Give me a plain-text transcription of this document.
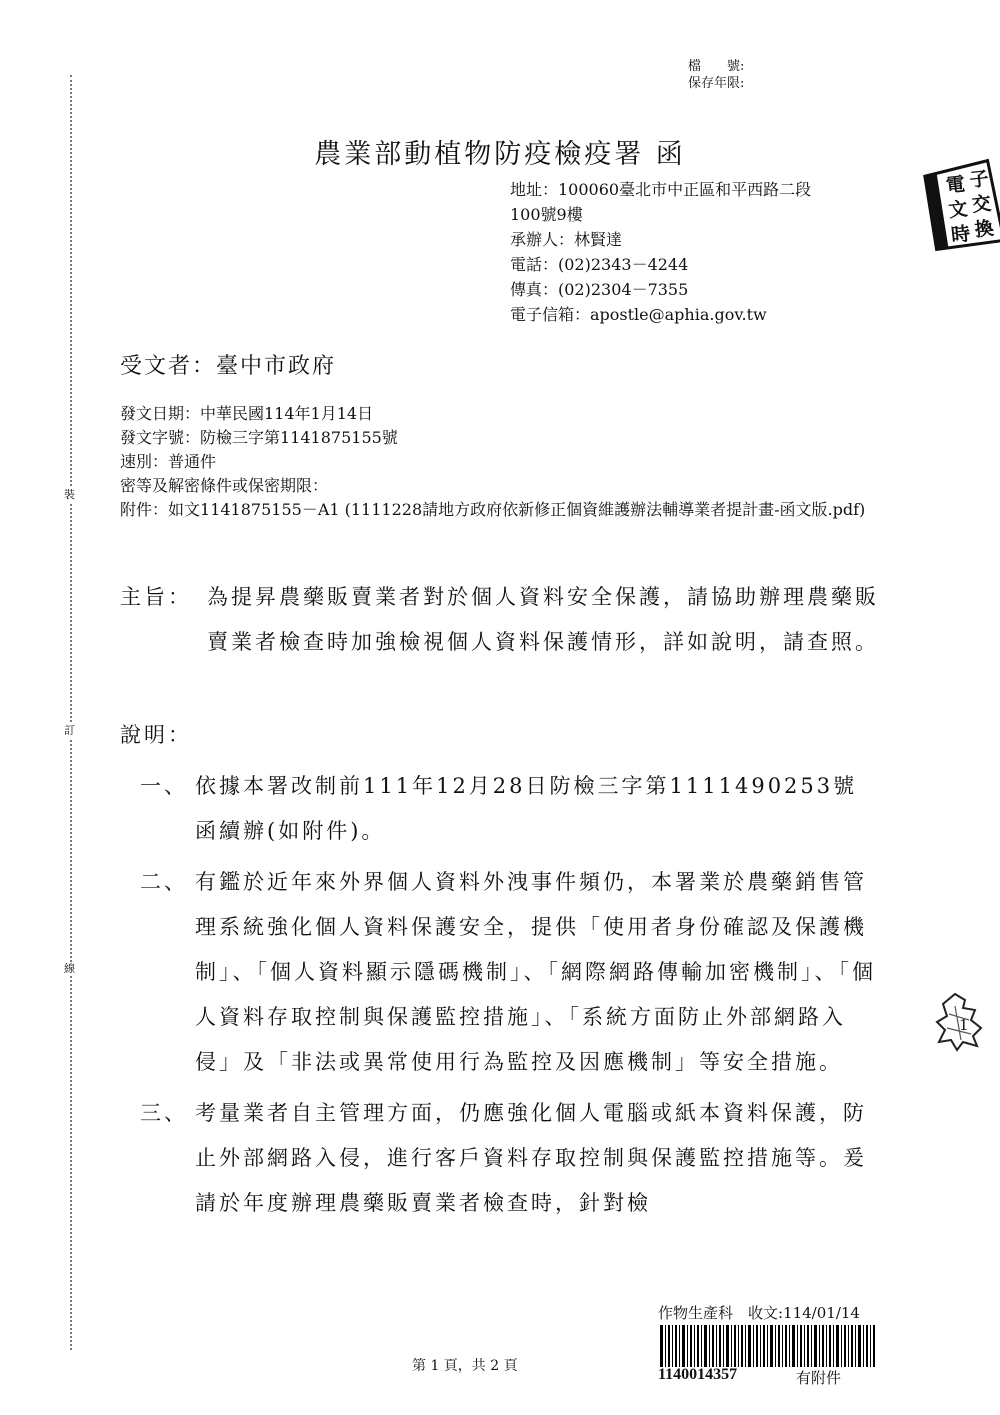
裝
訂
線
檔　　號:
保存年限:
農業部動植物防疫檢疫署 函
地址：100060臺北市中正區和平西路二段
100號9樓
承辦人：林賢達
電話：(02)2343－4244
傳真：(02)2304－7355
電子信箱：apostle@aphia.gov.tw
電 子
文 交
時 換
受文者：臺中市政府
發文日期：中華民國114年1月14日
發文字號：防檢三字第1141875155號
速別：普通件
密等及解密條件或保密期限：
附件： 如文1141875155－A1 (1111228請地方政府依新修正個資維護辦法輔導業者提計畫-函文版.pdf)
主旨： 為提昇農藥販賣業者對於個人資料安全保護，請協助辦理農藥販賣業者檢查時加強檢視個人資料保護情形，詳如說明，請查照。
說明：
一、 依據本署改制前111年12月28日防檢三字第1111490253號函續辦(如附件)。
二、 有鑑於近年來外界個人資料外洩事件頻仍，本署業於農藥銷售管理系統強化個人資料保護安全，提供「使用者身份確認及保護機制」、「個人資料顯示隱碼機制」、「網際網路傳輸加密機制」、「個人資料存取控制與保護監控措施」、「系統方面防止外部網路入侵」及「非法或異常使用行為監控及因應機制」等安全措施。
三、 考量業者自主管理方面，仍應強化個人電腦或紙本資料保護，防止外部網路入侵，進行客戶資料存取控制與保護監控措施等。爰請於年度辦理農藥販賣業者檢查時，針對檢
1
作物生產科　收文:114/01/14
1140014357	有附件
第 1 頁，共 2 頁
